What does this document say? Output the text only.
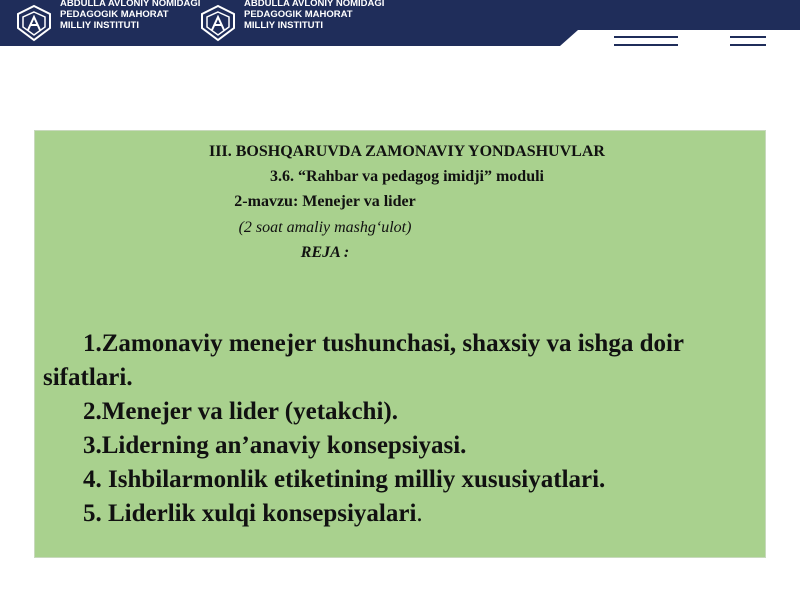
ABDULLA AVLONIY NOMIDAGI
PEDAGOGIK MAHORAT
MILLIY INSTITUTI
ABDULLA AVLONIY NOMIDAGI
PEDAGOGIK MAHORAT
MILLIY INSTITUTI
III. BOSHQARUVDA ZAMONAVIY YONDASHUVLAR
3.6. “Rahbar va pedagog imidji” moduli
2-mavzu: Menejer va lider
(2 soat amaliy mashg‘ulot)
REJA :

1.Zamonaviy menejer tushunchasi, shaxsiy va ishga doir sifatlari.

2.Menejer va lider (yetakchi).

3.Liderning an’anaviy konsepsiyasi.

4. Ishbilarmonlik etiketining milliy xususiyatlari.

5. Liderlik xulqi konsepsiyalari.
